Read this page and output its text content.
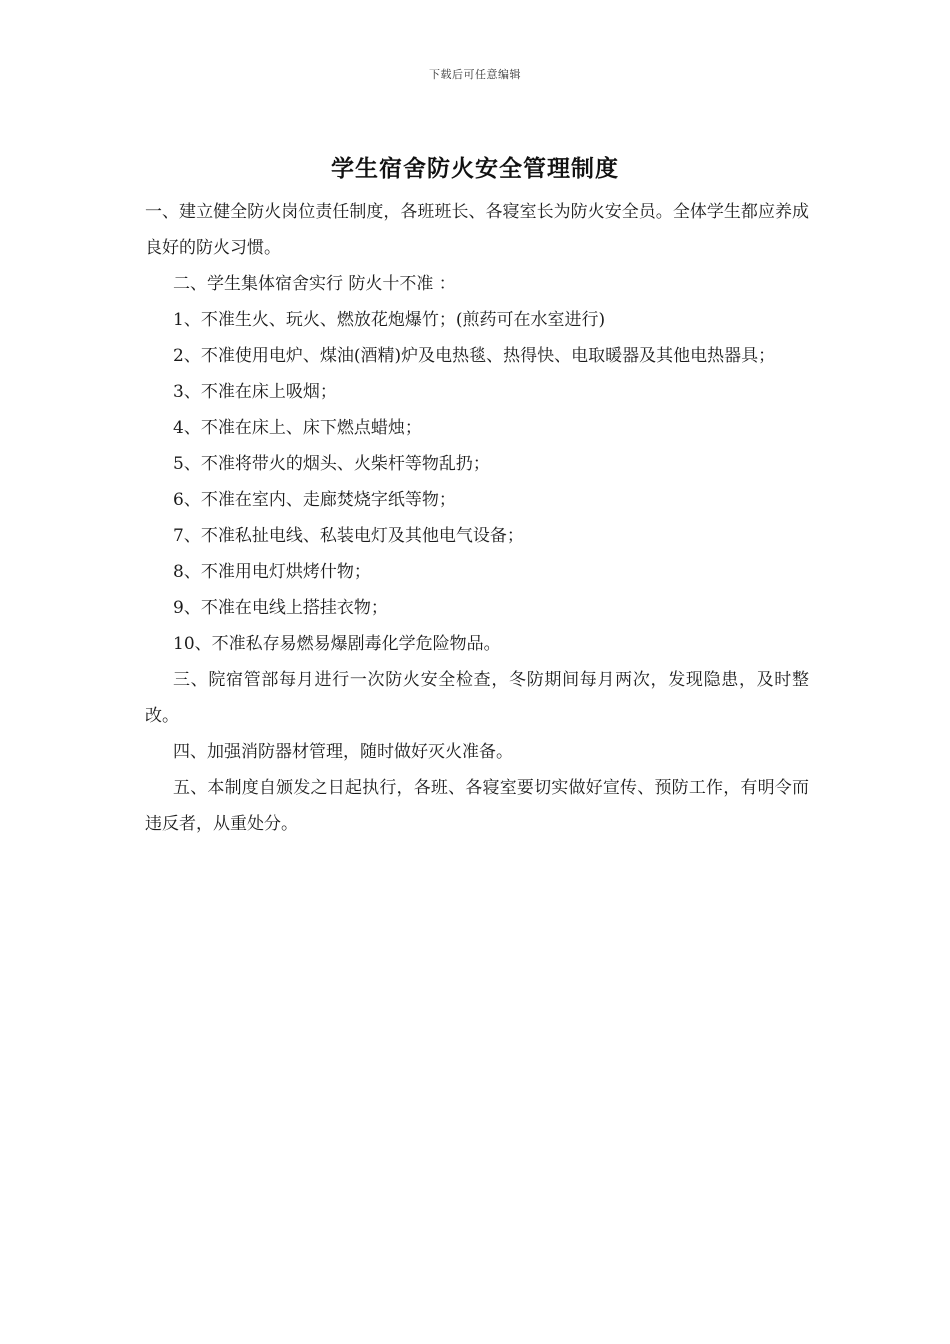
下载后可任意编辑
学生宿舍防火安全管理制度

一、建立健全防火岗位责任制度，各班班长、各寝室长为防火安全员。全体学生都应养成良好的防火习惯。

二、学生集体宿舍实行 防火十不准 ：

1、不准生火、玩火、燃放花炮爆竹；(煎药可在水室进行)

2、不准使用电炉、煤油(酒精)炉及电热毯、热得快、电取暖器及其他电热器具；

3、不准在床上吸烟；

4、不准在床上、床下燃点蜡烛；

5、不准将带火的烟头、火柴杆等物乱扔；

6、不准在室内、走廊焚烧字纸等物；

7、不准私扯电线、私装电灯及其他电气设备；

8、不准用电灯烘烤什物；

9、不准在电线上搭挂衣物；

10、不准私存易燃易爆剧毒化学危险物品。

三、院宿管部每月进行一次防火安全检查，冬防期间每月两次，发现隐患，及时整改。

四、加强消防器材管理，随时做好灭火准备。

五、本制度自颁发之日起执行，各班、各寝室要切实做好宣传、预防工作，有明令而违反者，从重处分。
